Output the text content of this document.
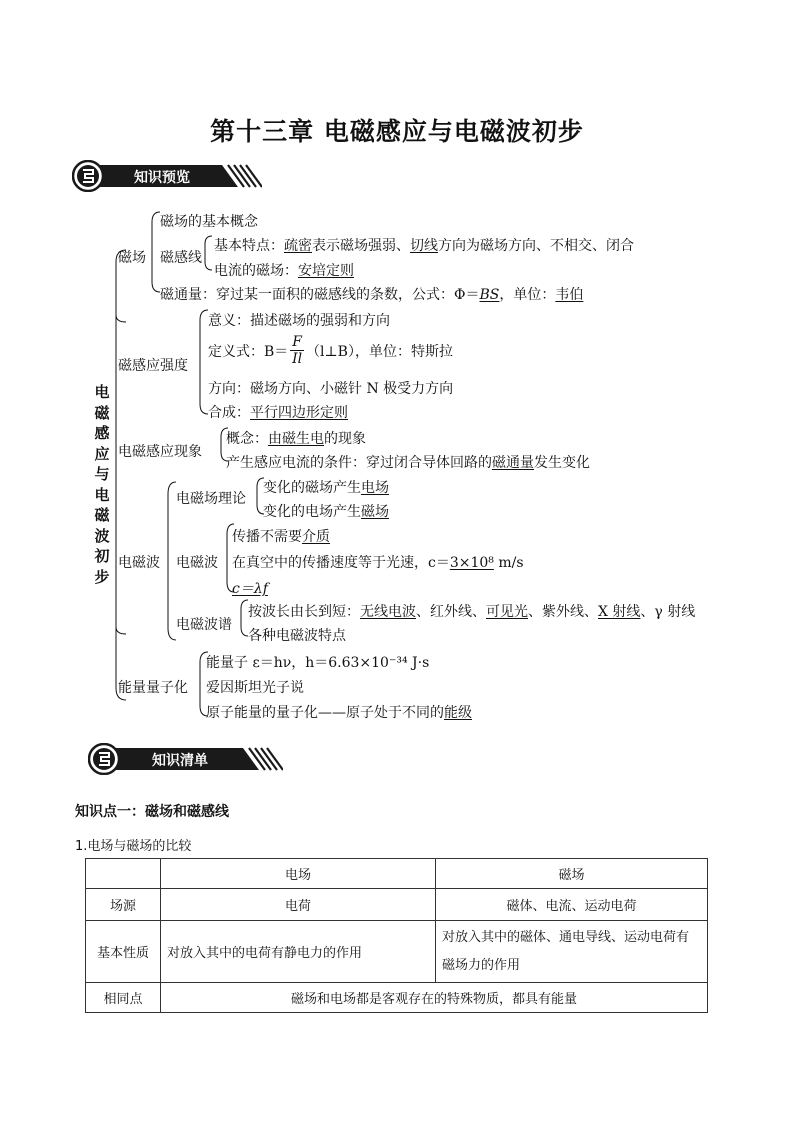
第十三章 电磁感应与电磁波初步
知识预览
知识清单
电磁感应与电磁波初步
磁场
磁场的基本概念
磁感线
基本特点：疏密表示磁场强弱、切线方向为磁场方向、不相交、闭合
电流的磁场：安培定则
磁通量：穿过某一面积的磁感线的条数，公式：Φ＝BS，单位：韦伯
磁感应强度
意义：描述磁场的强弱和方向
定义式：$B= \frac{F}{Il}$ （l⊥B），单位：特斯拉
方向：磁场方向、小磁针 N 极受力方向
合成：平行四边形定则
电磁感应现象
概念：由磁生电的现象
产生感应电流的条件：穿过闭合导体回路的磁通量发生变化
电磁波
电磁场理论
变化的磁场产生电场
变化的电场产生磁场
电磁波
传播不需要介质
在真空中的传播速度等于光速，c＝3×10⁸ m/s
c＝λf
电磁波谱
按波长由长到短：无线电波、红外线、可见光、紫外线、X 射线、γ 射线
各种电磁波特点
能量量子化
能量子 ε＝hν，h＝6.63×10⁻³⁴ J·s
爱因斯坦光子说
原子能量的量子化——原子处于不同的能级
知识点一：磁场和磁感线
1.电场与磁场的比较
	电场	磁场
场源	电荷	磁体、电流、运动电荷
基本性质	对放入其中的电荷有静电力的作用	对放入其中的磁体、通电导线、运动电荷有磁场力的作用
相同点	磁场和电场都是客观存在的特殊物质，都具有能量	
